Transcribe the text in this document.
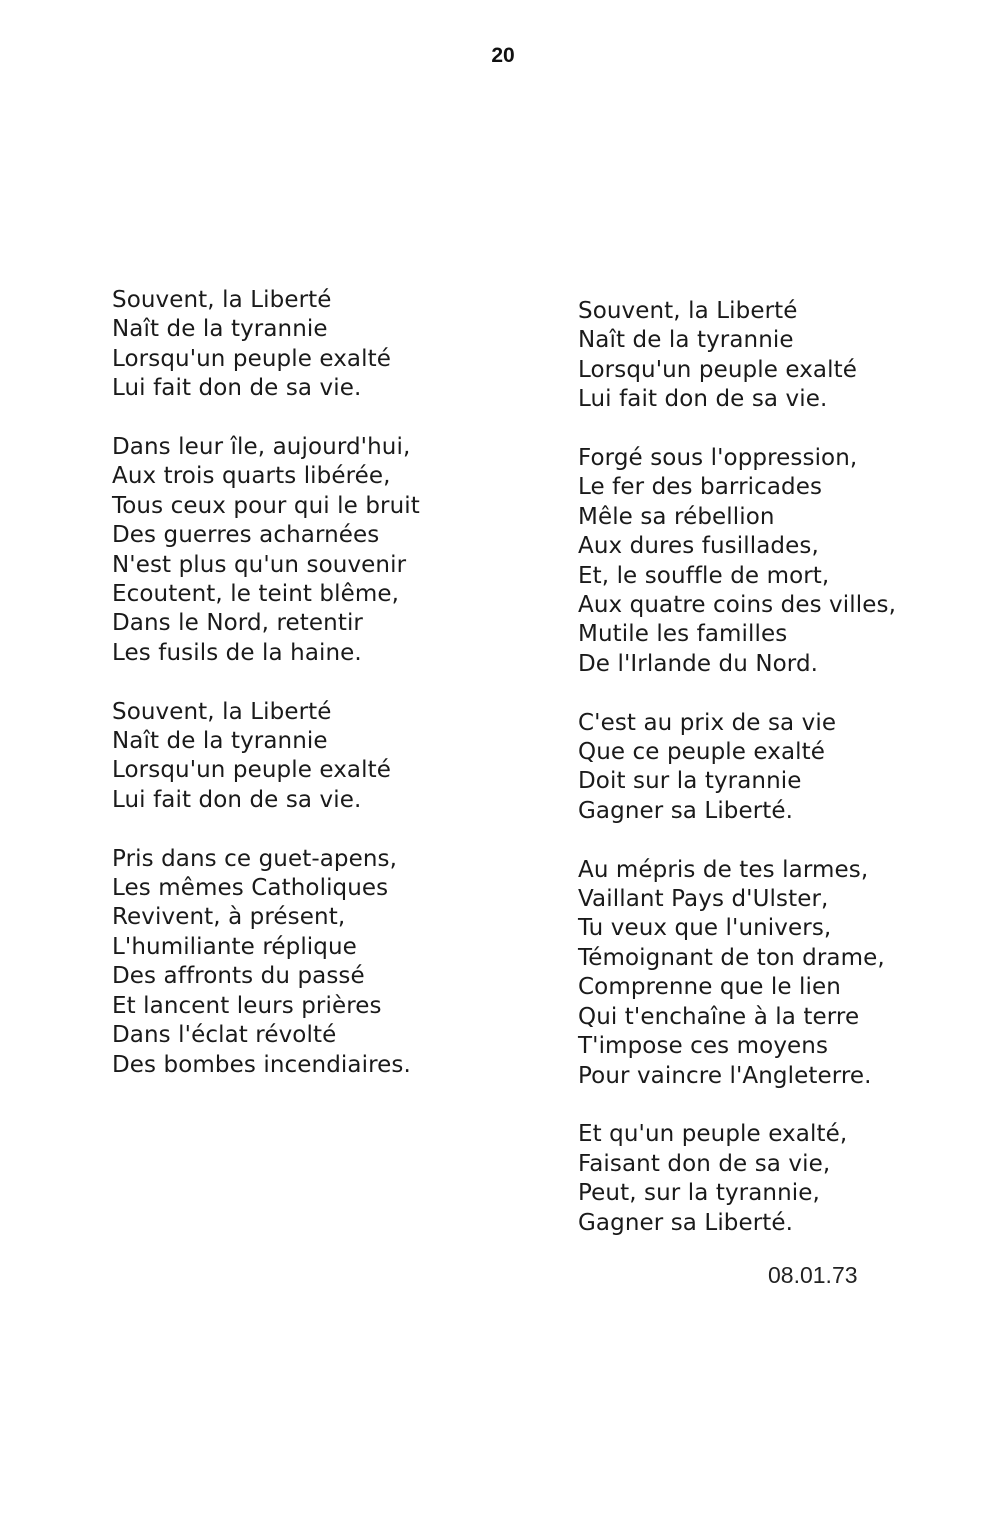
20
Souvent, la Liberté
Naît de la tyrannie
Lorsqu'un peuple exalté
Lui fait don de sa vie.
Dans leur île, aujourd'hui,
Aux trois quarts libérée,
Tous ceux pour qui le bruit
Des guerres acharnées
N'est plus qu'un souvenir
Ecoutent, le teint blême,
Dans le Nord, retentir
Les fusils de la haine.
Souvent, la Liberté
Naît de la tyrannie
Lorsqu'un peuple exalté
Lui fait don de sa vie.
Pris dans ce guet-apens,
Les mêmes Catholiques
Revivent, à présent,
L'humiliante réplique
Des affronts du passé
Et lancent leurs prières
Dans l'éclat révolté
Des bombes incendiaires.
Souvent, la Liberté
Naît de la tyrannie
Lorsqu'un peuple exalté
Lui fait don de sa vie.
Forgé sous l'oppression,
Le fer des barricades
Mêle sa rébellion
Aux dures fusillades,
Et, le souffle de mort,
Aux quatre coins des villes,
Mutile les familles
De l'Irlande du Nord.
C'est au prix de sa vie
Que ce peuple exalté
Doit sur la tyrannie
Gagner sa Liberté.
Au mépris de tes larmes,
Vaillant Pays d'Ulster,
Tu veux que l'univers,
Témoignant de ton drame,
Comprenne que le lien
Qui t'enchaîne à la terre
T'impose ces moyens
Pour vaincre l'Angleterre.
Et qu'un peuple exalté,
Faisant don de sa vie,
Peut, sur la tyrannie,
Gagner sa Liberté.
08.01.73
